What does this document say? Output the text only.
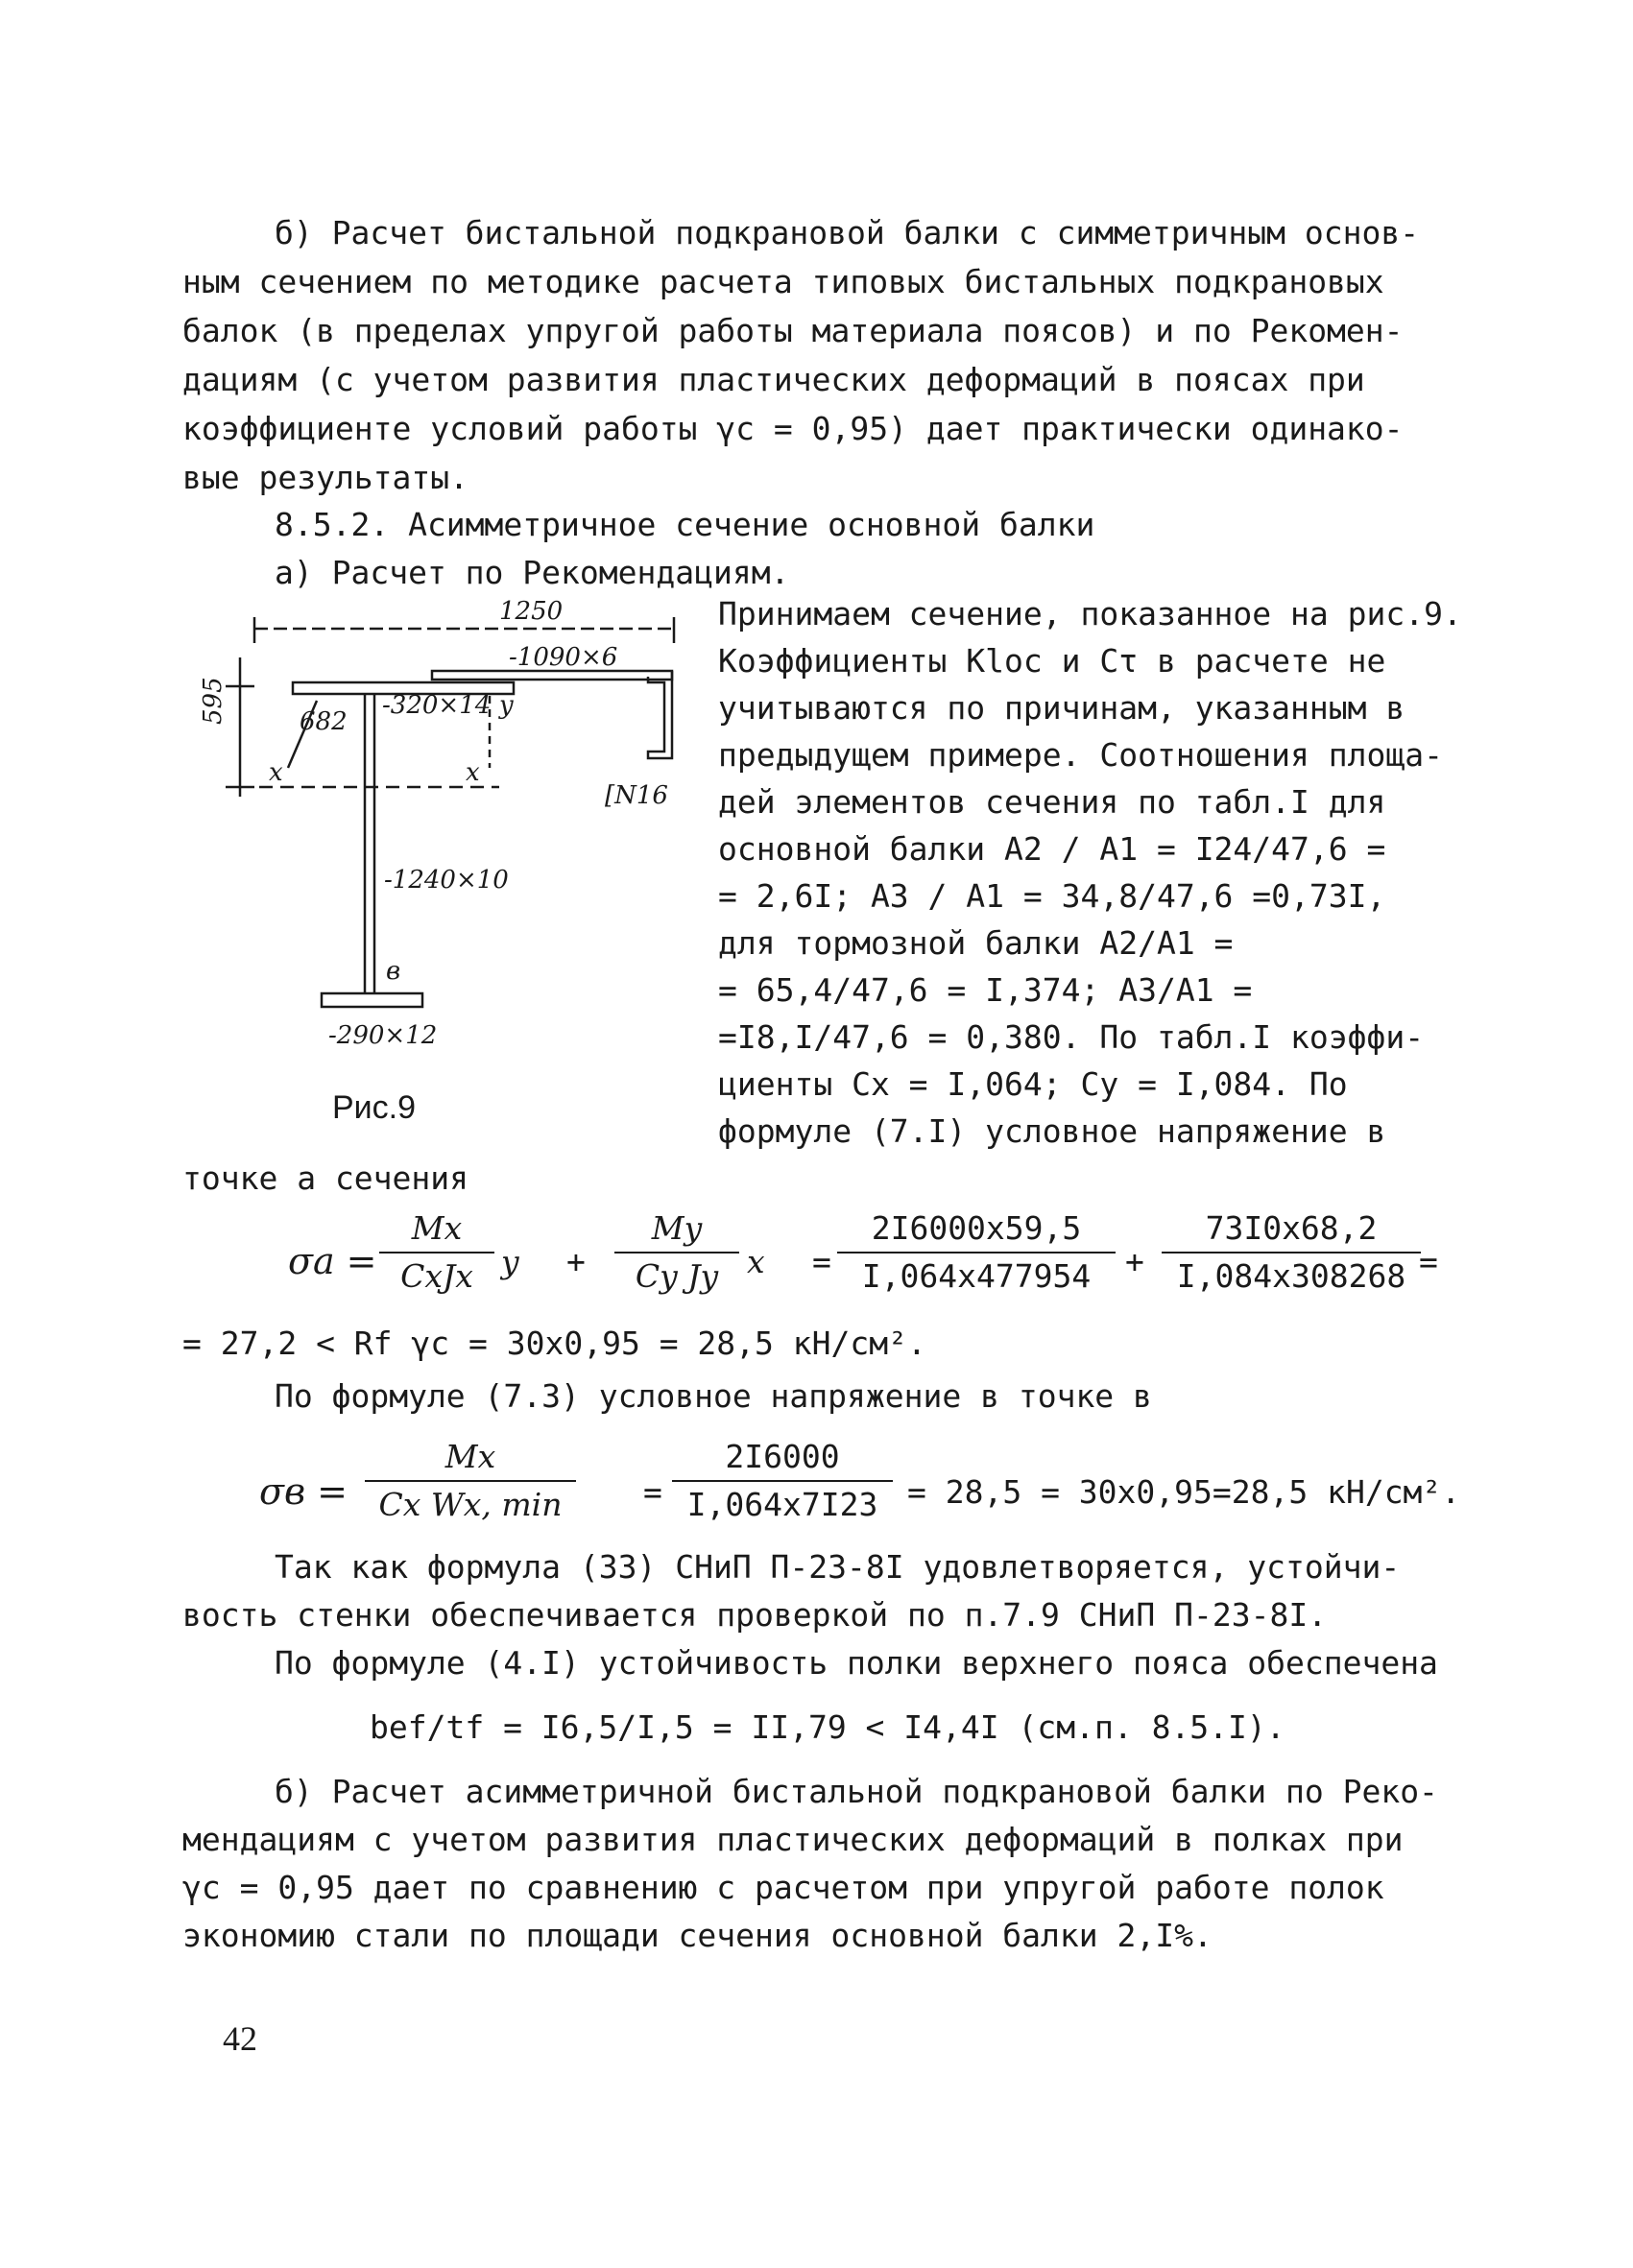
б) Расчет бистальной подкрановой балки с симметричным основ-
ным сечением по методике расчета типовых бистальных подкрановых
балок (в пределах упругой работы материала поясов) и по Рекомен-
дациям (с учетом развития пластических деформаций в поясах при
коэффициенте условий работы γc = 0,95) дает практически одинако-
вые результаты.
8.5.2. Асимметричное сечение основной балки
а) Расчет по Рекомендациям.
1250
-1090×6
-320×14
595	682
x	x
y
[N16
-1240×10
в
-290×12
Рис.9
Принимаем сечение, показанное на рис.9.
Коэффициенты Kloc и Cτ в расчете не
учитываются по причинам, указанным в
предыдущем примере. Соотношения площа-
дей элементов сечения по табл.I для
основной балки A2 / A1 = I24/47,6 =
= 2,6I; A3 / A1 = 34,8/47,6 =0,73I,
для тормозной балки A2/A1 =
= 65,4/47,6 = I,374; A3/A1 =
=I8,I/47,6 = 0,380. По табл.I коэффи-
циенты Cx = I,064; Cy = I,084. По
формуле (7.I) условное напряжение в
точке a сечения
σa =
Mx
CxJx y +
My
Cy Jy x =
2I6000x59,5
I,064x477954	+
73I0x68,2
I,084x308268 =
= 27,2 < Rf γc = 30x0,95 = 28,5 кН/см².
По формуле (7.3) условное напряжение в точке в
σв =
Mx
Cx Wx, min	=
2I6000
I,064x7I23 = 28,5 = 30x0,95=28,5 кН/см².
Так как формула (33) СНиП П-23-8I удовлетворяется, устойчи-
вость стенки обеспечивается проверкой по п.7.9 СНиП П-23-8I.
По формуле (4.I) устойчивость полки верхнего пояса обеспечена
bef/tf = I6,5/I,5 = II,79 < I4,4I (см.п. 8.5.I).
б) Расчет асимметричной бистальной подкрановой балки по Реко-
мендациям с учетом развития пластических деформаций в полках при
γc = 0,95 дает по сравнению с расчетом при упругой работе полок
экономию стали по площади сечения основной балки 2,I%.
42
